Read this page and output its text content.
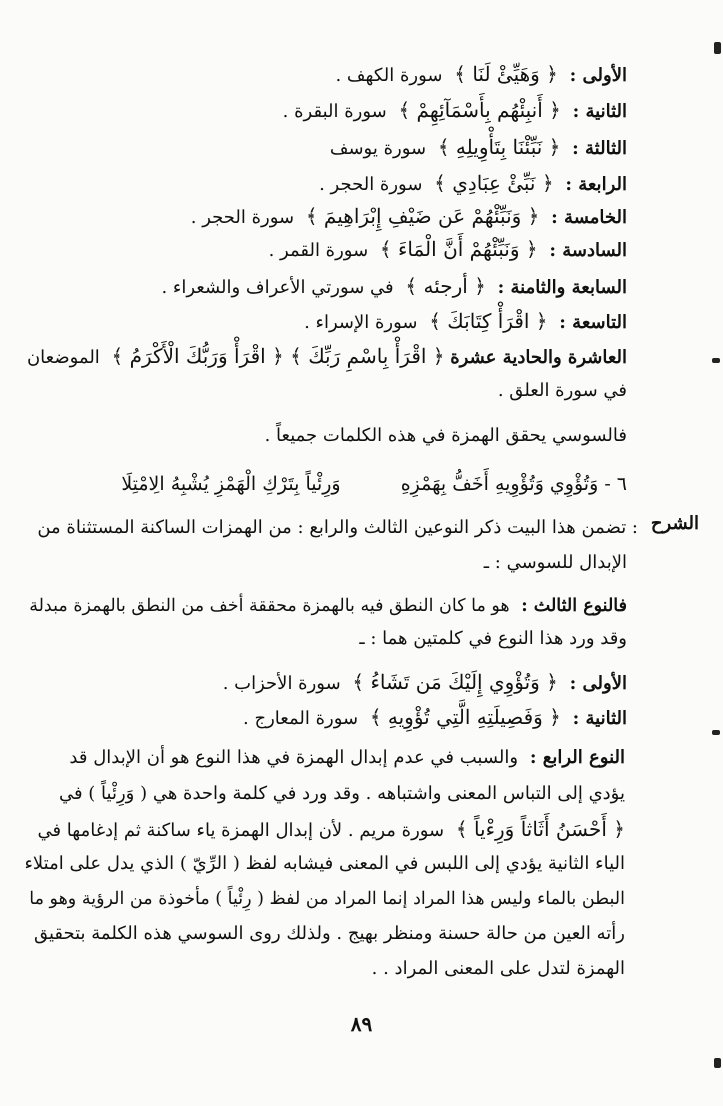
الأولى : ﴿ وَهَيِّئْ لَنَا ﴾ سورة الكهف .
الثانية : ﴿ أَنبِئْهُم بِأَسْمَآئِهِمْ ﴾ سورة البقرة .
الثالثة : ﴿ نَبِّئْنَا بِتَأْوِيلِهِ ﴾ سورة يوسف
الرابعة : ﴿ نَبِّئْ عِبَادِي ﴾ سورة الحجر .
الخامسة : ﴿ وَنَبِّئْهُمْ عَن ضَيْفِ إِبْرَاهِيمَ ﴾ سورة الحجر .
السادسة : ﴿ وَنَبِّئْهُمْ أَنَّ الْمَاءَ ﴾ سورة القمر .
السابعة والثامنة : ﴿ أرجئه ﴾ في سورتي الأعراف والشعراء .
التاسعة : ﴿ اقْرَأْ كِتَابَكَ ﴾ سورة الإسراء .
العاشرة والحادية عشرة ﴿ اقْرَأْ بِاسْمِ رَبِّكَ ﴾ ﴿ اقْرَأْ وَرَبُّكَ الْأَكْرَمُ ﴾ الموضعان
في سورة العلق .
فالسوسي يحقق الهمزة في هذه الكلمات جميعاً .
٦ - وَتُؤْوِي وَتُؤْوِيهِ أَخَفُّ بِهَمْزِهِ  وَرِئْياً بِتَرْكِ الْهَمْزِ يُشْبِهُ الِامْتِلَا
الشرح
: تضمن هذا البيت ذكر النوعين الثالث والرابع : من الهمزات الساكنة المستثناة من
الإبدال للسوسي : ـ
فالنوع الثالث : هو ما كان النطق فيه بالهمزة محققة أخف من النطق بالهمزة مبدلة
وقد ورد هذا النوع في كلمتين هما : ـ
الأولى : ﴿ وَتُؤْوِي إِلَيْكَ مَن تَشَاءُ ﴾ سورة الأحزاب .
الثانية : ﴿ وَفَصِيلَتِهِ الَّتِي تُؤْوِيهِ ﴾ سورة المعارج .
النوع الرابع : والسبب في عدم إبدال الهمزة في هذا النوع هو أن الإبدال قد
يؤدي إلى التباس المعنى واشتباهه . وقد ورد في كلمة واحدة هي ( وَرِئْياً ) في
﴿ أَحْسَنُ أَثَاثاً وَرِءْياً ﴾ سورة مريم . لأن إبدال الهمزة ياء ساكنة ثم إدغامها في
الياء الثانية يؤدي إلى اللبس في المعنى فيشابه لفظ ( الرِّيّ ) الذي يدل على امتلاء
البطن بالماء وليس هذا المراد إنما المراد من لفظ ( رِئْياً ) مأخوذة من الرؤية وهو ما
رأته العين من حالة حسنة ومنظر بهيج . ولذلك روى السوسي هذه الكلمة بتحقيق
الهمزة لتدل على المعنى المراد . .
٨٩
